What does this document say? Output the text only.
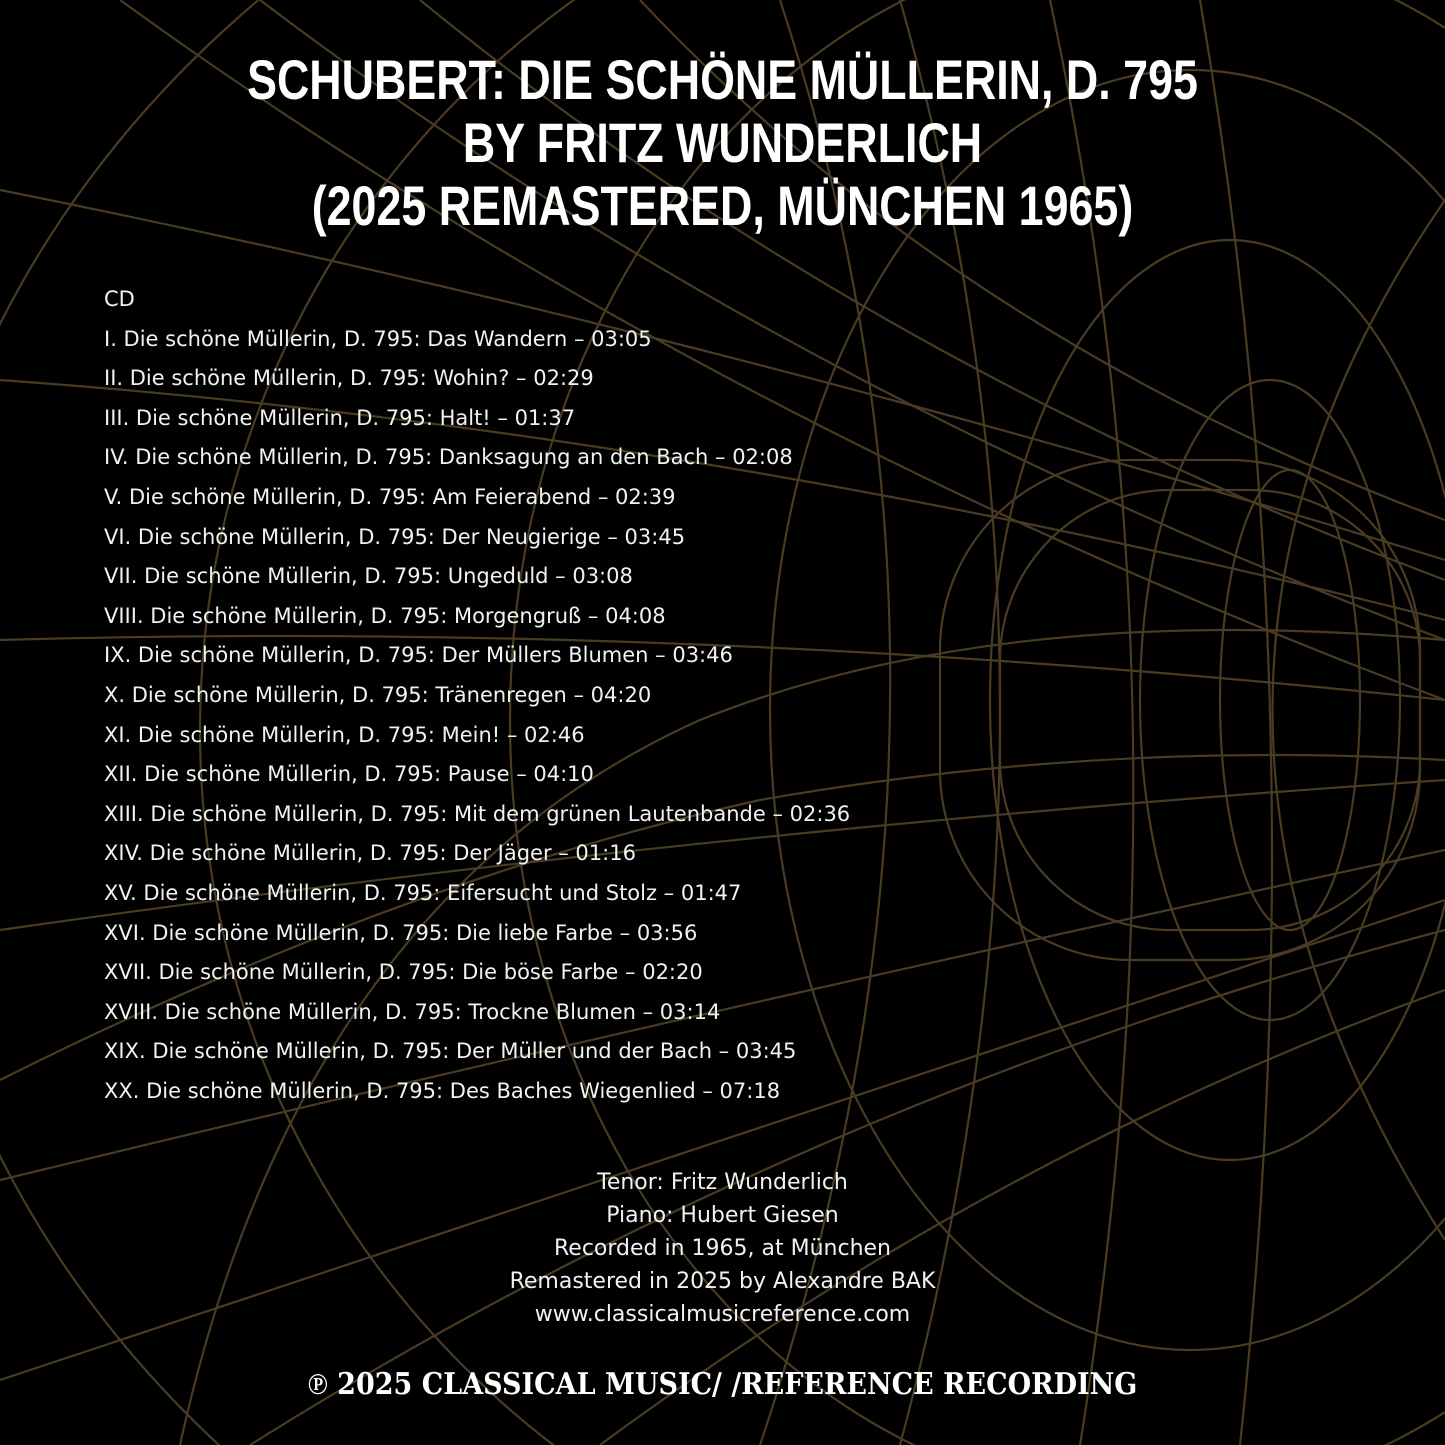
SCHUBERT: DIE SCHÖNE MÜLLERIN, D. 795
BY FRITZ WUNDERLICH
(2025 REMASTERED, MÜNCHEN 1965)
CD
I. Die schöne Müllerin, D. 795: Das Wandern – 03:05
II. Die schöne Müllerin, D. 795: Wohin? – 02:29
III. Die schöne Müllerin, D. 795: Halt! – 01:37
IV. Die schöne Müllerin, D. 795: Danksagung an den Bach – 02:08
V. Die schöne Müllerin, D. 795: Am Feierabend – 02:39
VI. Die schöne Müllerin, D. 795: Der Neugierige – 03:45
VII. Die schöne Müllerin, D. 795: Ungeduld – 03:08
VIII. Die schöne Müllerin, D. 795: Morgengruß – 04:08
IX. Die schöne Müllerin, D. 795: Der Müllers Blumen – 03:46
X. Die schöne Müllerin, D. 795: Tränenregen – 04:20
XI. Die schöne Müllerin, D. 795: Mein! – 02:46
XII. Die schöne Müllerin, D. 795: Pause – 04:10
XIII. Die schöne Müllerin, D. 795: Mit dem grünen Lautenbande – 02:36
XIV. Die schöne Müllerin, D. 795: Der Jäger – 01:16
XV. Die schöne Müllerin, D. 795: Eifersucht und Stolz – 01:47
XVI. Die schöne Müllerin, D. 795: Die liebe Farbe – 03:56
XVII. Die schöne Müllerin, D. 795: Die böse Farbe – 02:20
XVIII. Die schöne Müllerin, D. 795: Trockne Blumen – 03:14
XIX. Die schöne Müllerin, D. 795: Der Müller und der Bach – 03:45
XX. Die schöne Müllerin, D. 795: Des Baches Wiegenlied – 07:18
Tenor: Fritz Wunderlich
Piano: Hubert Giesen
Recorded in 1965, at München
Remastered in 2025 by Alexandre BAK
www.classicalmusicreference.com
℗ 2025 CLASSICAL MUSIC/ /REFERENCE RECORDING
